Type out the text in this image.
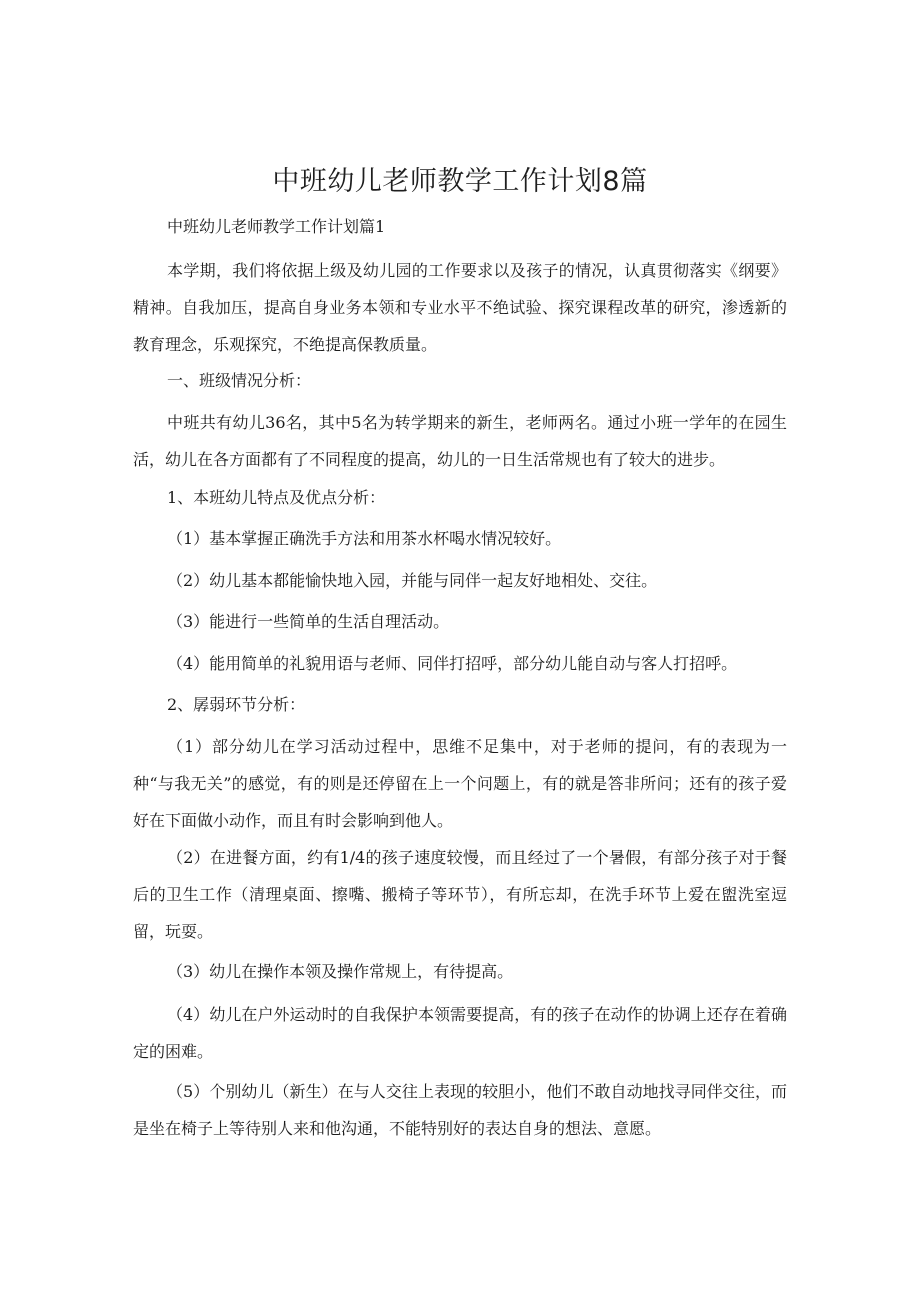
中班幼儿老师教学工作计划8篇

中班幼儿老师教学工作计划篇1

本学期，我们将依据上级及幼儿园的工作要求以及孩子的情况，认真贯彻落实《纲要》精神。自我加压，提高自身业务本领和专业水平不绝试验、探究课程改革的研究，渗透新的教育理念，乐观探究，不绝提高保教质量。

一、班级情况分析：

中班共有幼儿36名，其中5名为转学期来的新生，老师两名。通过小班一学年的在园生活，幼儿在各方面都有了不同程度的提高，幼儿的一日生活常规也有了较大的进步。

1、本班幼儿特点及优点分析：

（1）基本掌握正确洗手方法和用茶水杯喝水情况较好。

（2）幼儿基本都能愉快地入园，并能与同伴一起友好地相处、交往。

（3）能进行一些简单的生活自理活动。

（4）能用简单的礼貌用语与老师、同伴打招呼，部分幼儿能自动与客人打招呼。

2、孱弱环节分析：

（1）部分幼儿在学习活动过程中，思维不足集中，对于老师的提问，有的表现为一种“与我无关”的感觉，有的则是还停留在上一个问题上，有的就是答非所问；还有的孩子爱好在下面做小动作，而且有时会影响到他人。

（2）在进餐方面，约有1/4的孩子速度较慢，而且经过了一个暑假，有部分孩子对于餐后的卫生工作（清理桌面、擦嘴、搬椅子等环节），有所忘却，在洗手环节上爱在盥洗室逗留，玩耍。

（3）幼儿在操作本领及操作常规上，有待提高。

（4）幼儿在户外运动时的自我保护本领需要提高，有的孩子在动作的协调上还存在着确定的困难。

（5）个别幼儿（新生）在与人交往上表现的较胆小，他们不敢自动地找寻同伴交往，而是坐在椅子上等待别人来和他沟通，不能特别好的表达自身的想法、意愿。
